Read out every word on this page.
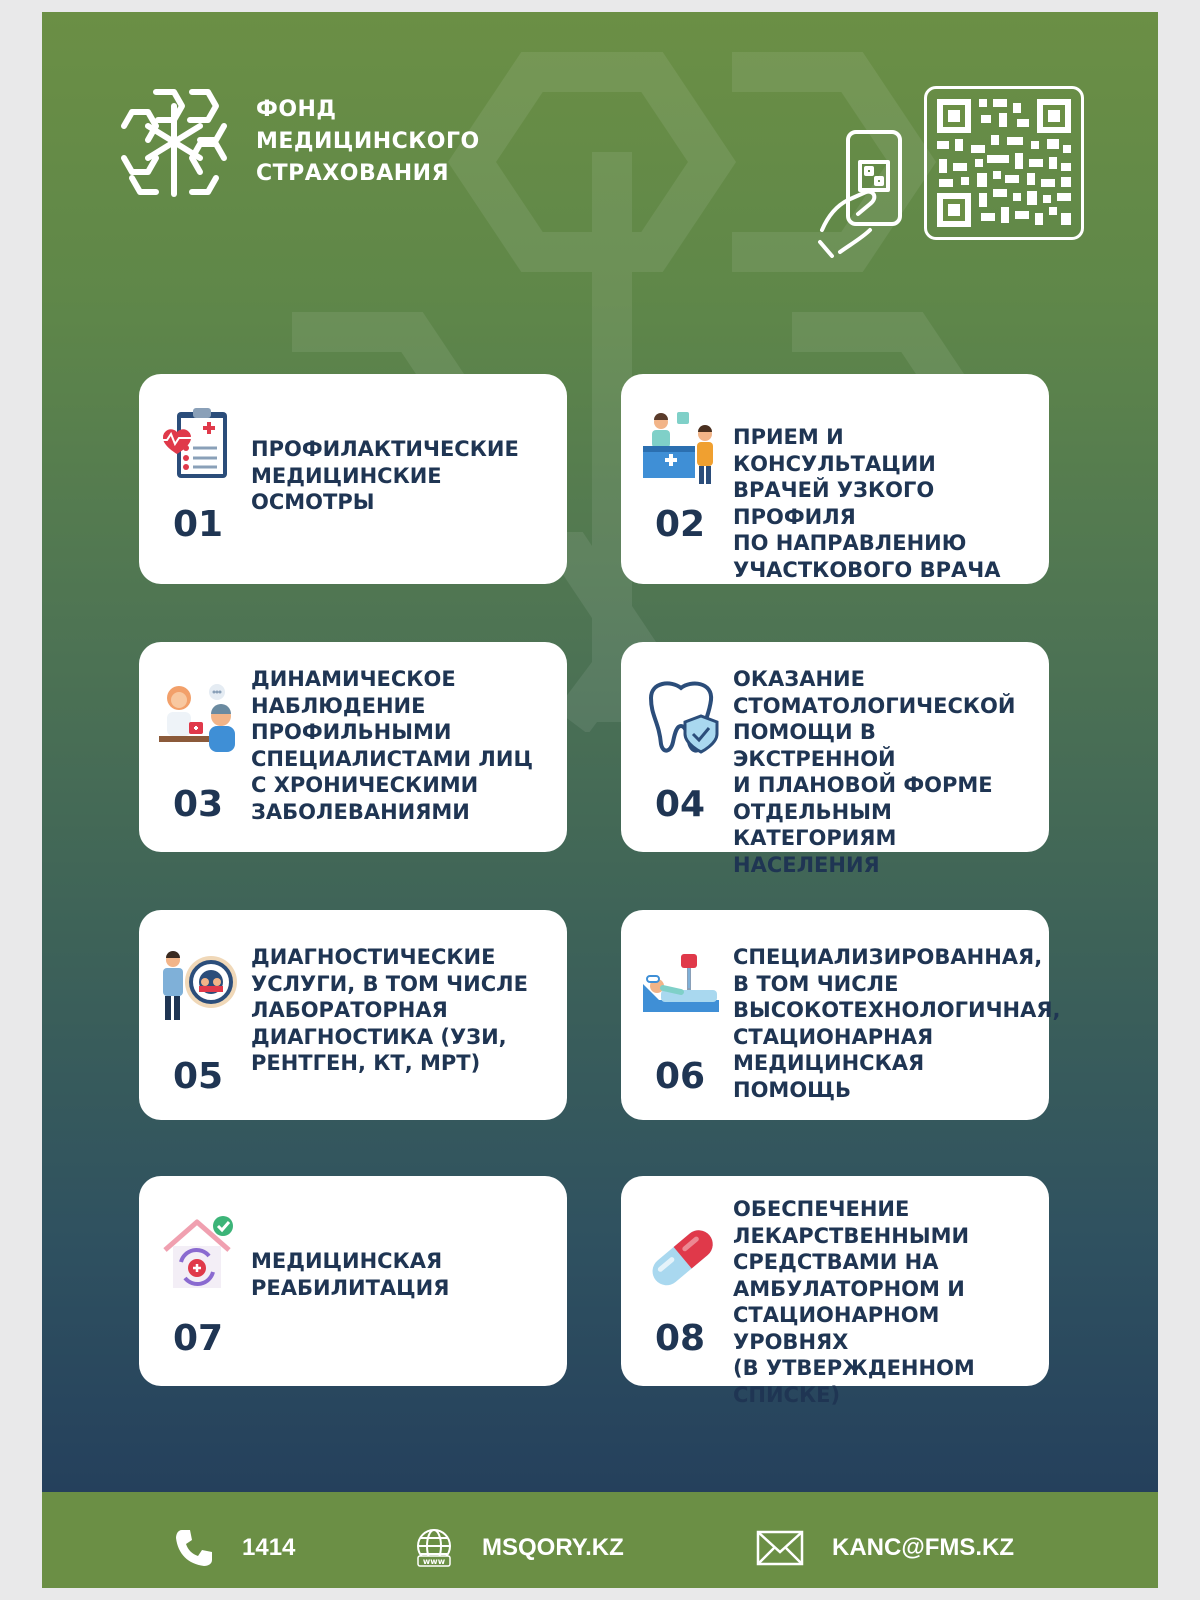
ФОНД
МЕДИЦИНСКОГО
СТРАХОВАНИЯ
01
ПРОФИЛАКТИЧЕСКИЕ
МЕДИЦИНСКИЕ
ОСМОТРЫ
02
ПРИЕМ И КОНСУЛЬТАЦИИ
ВРАЧЕЙ УЗКОГО ПРОФИЛЯ
ПО НАПРАВЛЕНИЮ
УЧАСТКОВОГО ВРАЧА
03
ДИНАМИЧЕСКОЕ
НАБЛЮДЕНИЕ
ПРОФИЛЬНЫМИ
СПЕЦИАЛИСТАМИ ЛИЦ
С ХРОНИЧЕСКИМИ
ЗАБОЛЕВАНИЯМИ	04
ОКАЗАНИЕ
СТОМАТОЛОГИЧЕСКОЙ
ПОМОЩИ В ЭКСТРЕННОЙ
И ПЛАНОВОЙ ФОРМЕ
ОТДЕЛЬНЫМ КАТЕГОРИЯМ
НАСЕЛЕНИЯ
05
ДИАГНОСТИЧЕСКИЕ
УСЛУГИ, В ТОМ ЧИСЛЕ
ЛАБОРАТОРНАЯ
ДИАГНОСТИКА (УЗИ,
РЕНТГЕН, КТ, МРТ)	06
СПЕЦИАЛИЗИРОВАННАЯ,
В ТОМ ЧИСЛЕ
ВЫСОКОТЕХНОЛОГИЧНАЯ,
СТАЦИОНАРНАЯ
МЕДИЦИНСКАЯ ПОМОЩЬ
07
МЕДИЦИНСКАЯ
РЕАБИЛИТАЦИЯ
08
ОБЕСПЕЧЕНИЕ
ЛЕКАРСТВЕННЫМИ
СРЕДСТВАМИ НА
АМБУЛАТОРНОМ И
СТАЦИОНАРНОМ УРОВНЯХ
(В УТВЕРЖДЕННОМ СПИСКЕ)
1414
www
MSQORY.KZ	KANC@FMS.KZ
